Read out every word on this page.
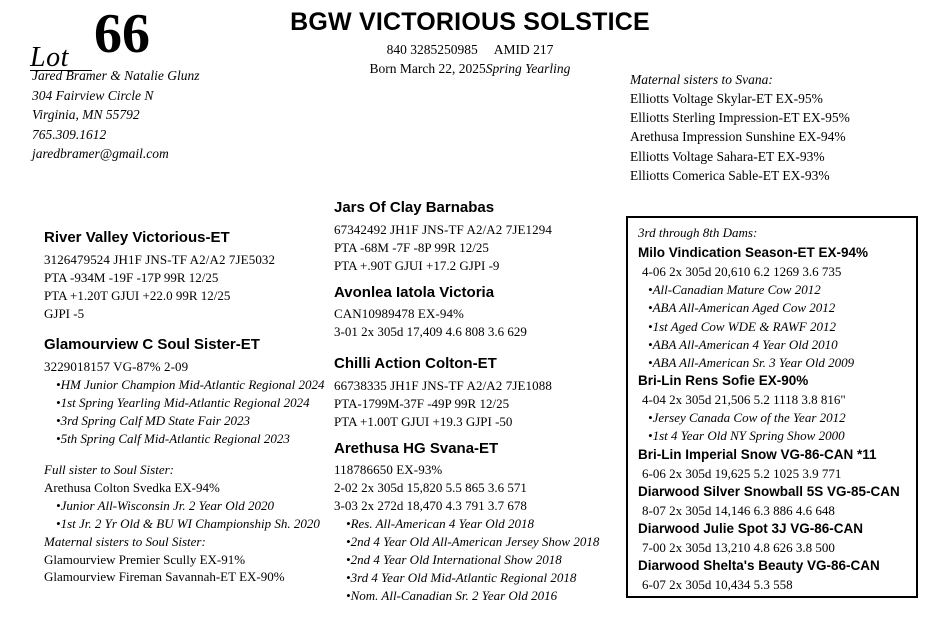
Lot 66
Jared Bramer & Natalie Glunz
304 Fairview Circle N
Virginia, MN 55792
765.309.1612
jaredbramer@gmail.com
BGW VICTORIOUS SOLSTICE
840 3285250985 AMID 217
Born March 22, 2025Spring Yearling
Maternal sisters to Svana:
Elliotts Voltage Skylar-ET EX-95%
Elliotts Sterling Impression-ET EX-95%
Arethusa Impression Sunshine EX-94%
Elliotts Voltage Sahara-ET EX-93%
Elliotts Comerica Sable-ET EX-93%
River Valley Victorious-ET
3126479524 JH1F JNS-TF A2/A2 7JE5032
PTA -934M -19F -17P 99R 12/25
PTA +1.20T GJUI +22.0 99R 12/25
GJPI -5
Glamourview C Soul Sister-ET
3229018157 VG-87% 2-09
•HM Junior Champion Mid-Atlantic Regional 2024
•1st Spring Yearling Mid-Atlantic Regional 2024
•3rd Spring Calf MD State Fair 2023
•5th Spring Calf Mid-Atlantic Regional 2023
Full sister to Soul Sister:
Arethusa Colton Svedka EX-94%
•Junior All-Wisconsin Jr. 2 Year Old 2020
•1st Jr. 2 Yr Old & BU WI Championship Sh. 2020
Maternal sisters to Soul Sister:
Glamourview Premier Scully EX-91%
Glamourview Fireman Savannah-ET EX-90%
Jars Of Clay Barnabas
67342492 JH1F JNS-TF A2/A2 7JE1294
PTA -68M -7F -8P 99R 12/25
PTA +.90T GJUI +17.2 GJPI -9
Avonlea Iatola Victoria
CAN10989478 EX-94%
3-01 2x 305d 17,409 4.6 808 3.6 629
Chilli Action Colton-ET
66738335 JH1F JNS-TF A2/A2 7JE1088
PTA-1799M-37F -49P 99R 12/25
PTA +1.00T GJUI +19.3 GJPI -50
Arethusa HG Svana-ET
118786650 EX-93%
2-02 2x 305d 15,820 5.5 865 3.6 571
3-03 2x 272d 18,470 4.3 791 3.7 678
•Res. All-American 4 Year Old 2018
•2nd 4 Year Old All-American Jersey Show 2018
•2nd 4 Year Old International Show 2018
•3rd 4 Year Old Mid-Atlantic Regional 2018
•Nom. All-Canadian Sr. 2 Year Old 2016
3rd through 8th Dams:
Milo Vindication Season-ET EX-94%
4-06 2x 305d 20,610 6.2 1269 3.6 735
•All-Canadian Mature Cow 2012
•ABA All-American Aged Cow 2012
•1st Aged Cow WDE & RAWF 2012
•ABA All-American 4 Year Old 2010
•ABA All-American Sr. 3 Year Old 2009
Bri-Lin Rens Sofie EX-90%
4-04 2x 305d 21,506 5.2 1118 3.8 816"
•Jersey Canada Cow of the Year 2012
•1st 4 Year Old NY Spring Show 2000
Bri-Lin Imperial Snow VG-86-CAN *11
6-06 2x 305d 19,625 5.2 1025 3.9 771
Diarwood Silver Snowball 5S VG-85-CAN
8-07 2x 305d 14,146 6.3 886 4.6 648
Diarwood Julie Spot 3J VG-86-CAN
7-00 2x 305d 13,210 4.8 626 3.8 500
Diarwood Shelta's Beauty VG-86-CAN
6-07 2x 305d 10,434 5.3 558
